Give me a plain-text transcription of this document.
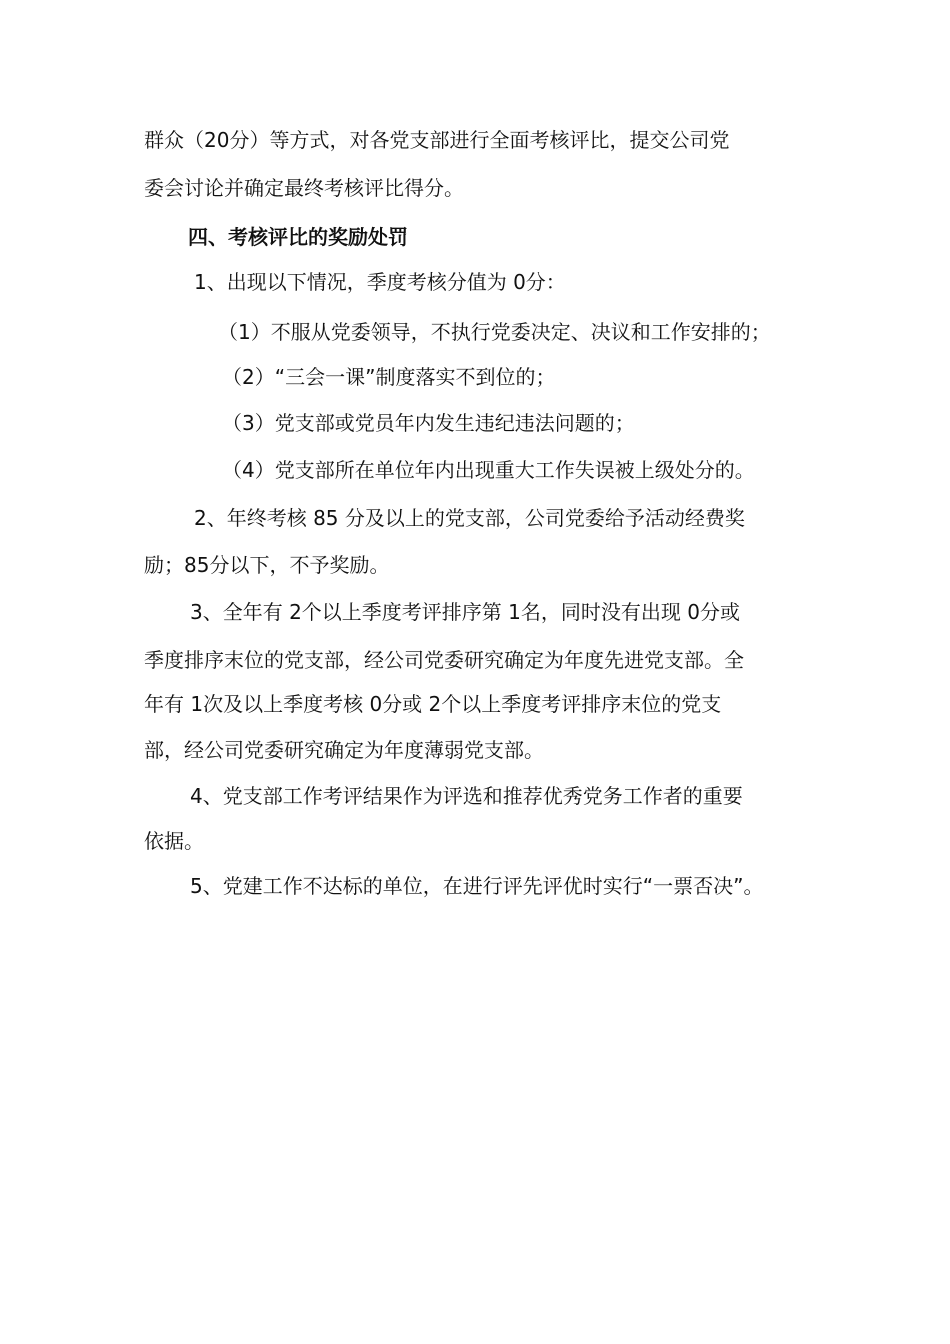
群众（20分）等方式，对各党支部进行全面考核评比，提交公司党
委会讨论并确定最终考核评比得分。
四、考核评比的奖励处罚
1、出现以下情况，季度考核分值为 0分：
（1）不服从党委领导，不执行党委决定、决议和工作安排的；
（2）“三会一课”制度落实不到位的；
（3）党支部或党员年内发生违纪违法问题的；
（4）党支部所在单位年内出现重大工作失误被上级处分的。
2、年终考核 85 分及以上的党支部，公司党委给予活动经费奖
励；85分以下，不予奖励。
3、全年有 2个以上季度考评排序第 1名，同时没有出现 0分或
季度排序末位的党支部，经公司党委研究确定为年度先进党支部。全
年有 1次及以上季度考核 0分或 2个以上季度考评排序末位的党支
部，经公司党委研究确定为年度薄弱党支部。
4、党支部工作考评结果作为评选和推荐优秀党务工作者的重要
依据。
5、党建工作不达标的单位，在进行评先评优时实行“一票否决”。
